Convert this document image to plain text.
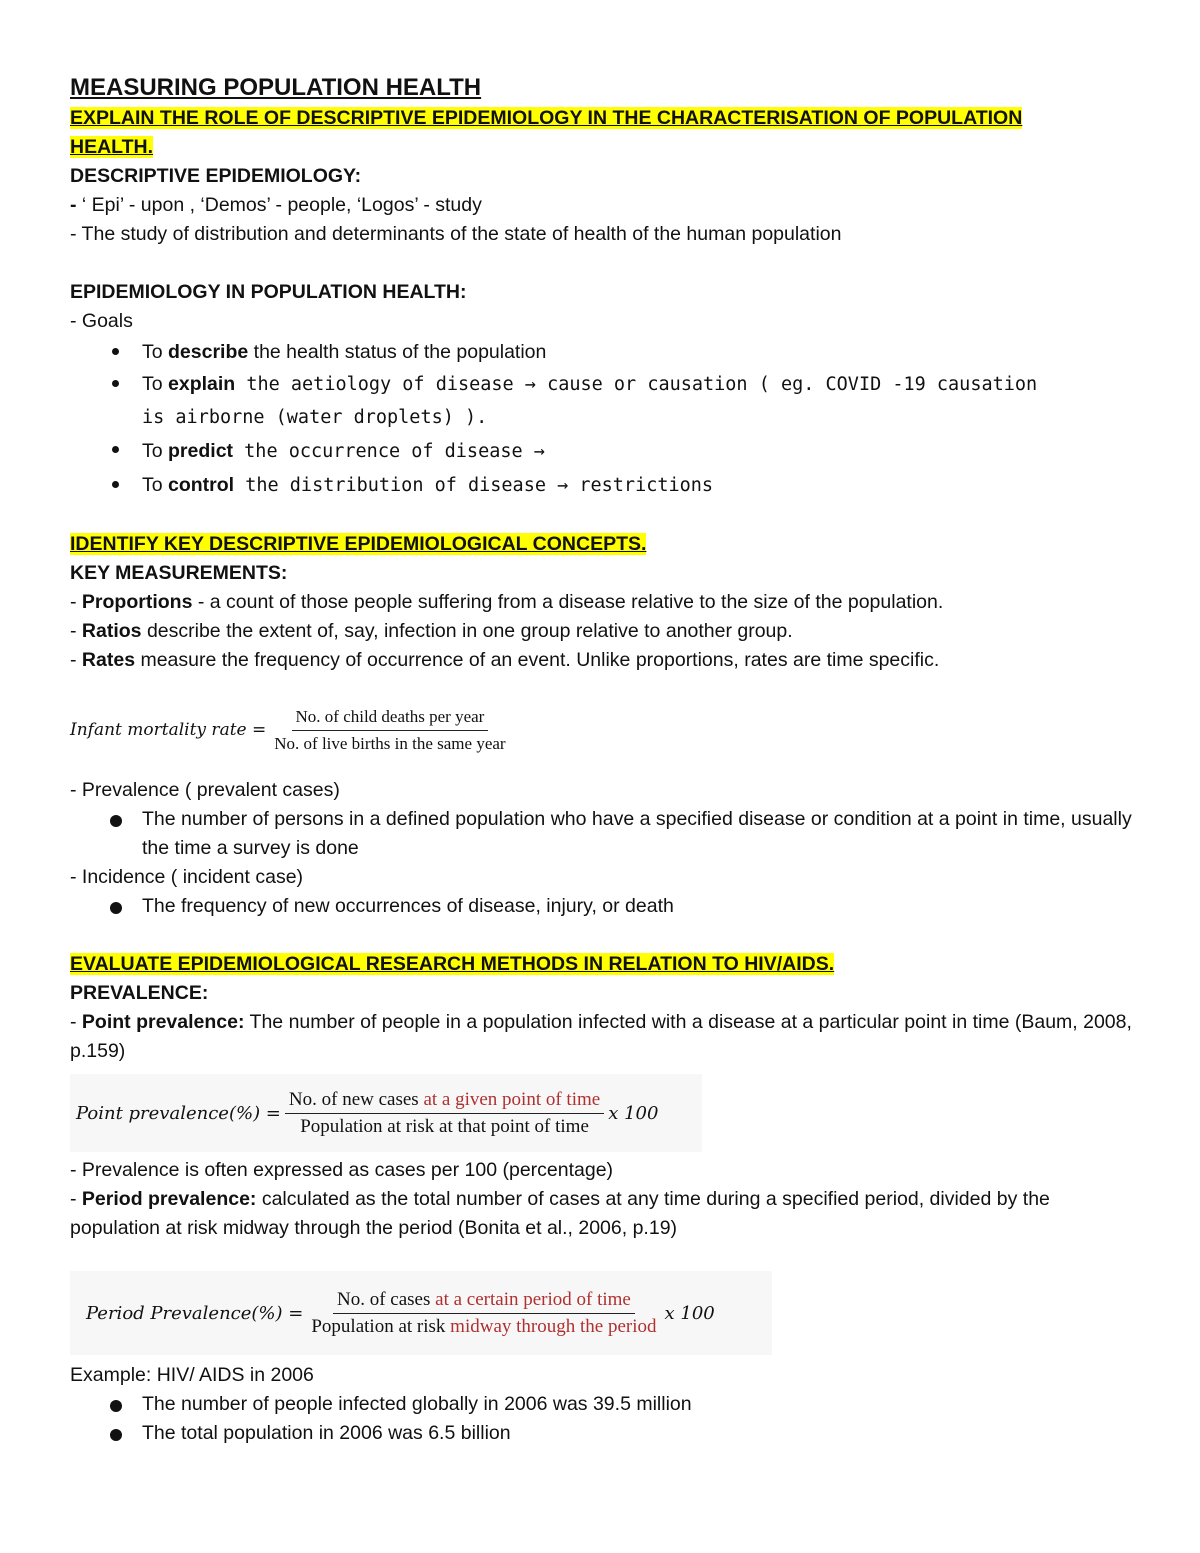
MEASURING POPULATION HEALTH
EXPLAIN THE ROLE OF DESCRIPTIVE EPIDEMIOLOGY IN THE CHARACTERISATION OF POPULATION
HEALTH.
DESCRIPTIVE EPIDEMIOLOGY:
- ‘ Epi’ - upon , ‘Demos’ - people, ‘Logos’ - study
- The study of distribution and determinants of the state of health of the human population
EPIDEMIOLOGY IN POPULATION HEALTH:
- Goals
To describe the health status of the population
To explain the aetiology of disease → cause or causation ( eg. COVID -19 causation
is airborne (water droplets) ).
To predict the occurrence of disease →
To control the distribution of disease → restrictions
IDENTIFY KEY DESCRIPTIVE EPIDEMIOLOGICAL CONCEPTS.
KEY MEASUREMENTS:
- Proportions - a count of those people suffering from a disease relative to the size of the population.
- Ratios describe the extent of, say, infection in one group relative to another group.
- Rates measure the frequency of occurrence of an event. Unlike proportions, rates are time specific.
Infant mortality rate = $\frac{\text{No. of child deaths per year}}{\text{No. of live births in the same year}}$
- Prevalence ( prevalent cases)
The number of persons in a defined population who have a specified disease or condition at a point in time, usually the time a survey is done
- Incidence ( incident case)
The frequency of new occurrences of disease, injury, or death
EVALUATE EPIDEMIOLOGICAL RESEARCH METHODS IN RELATION TO HIV/AIDS.
PREVALENCE:
- Point prevalence: The number of people in a population infected with a disease at a particular point in time (Baum, 2008, p.159)
Point prevalence(%) = $\frac{\text{No. of new cases at a given point of time}}{\text{Population at risk at that point of time}}$ x 100
- Prevalence is often expressed as cases per 100 (percentage)
- Period prevalence: calculated as the total number of cases at any time during a specified period, divided by the population at risk midway through the period (Bonita et al., 2006, p.19)
Period Prevalence(%) = $\frac{\text{No. of cases at a certain period of time}}{\text{Population at risk midway through the period}}$ x 100
Example: HIV/ AIDS in 2006
The number of people infected globally in 2006 was 39.5 million
The total population in 2006 was 6.5 billion
